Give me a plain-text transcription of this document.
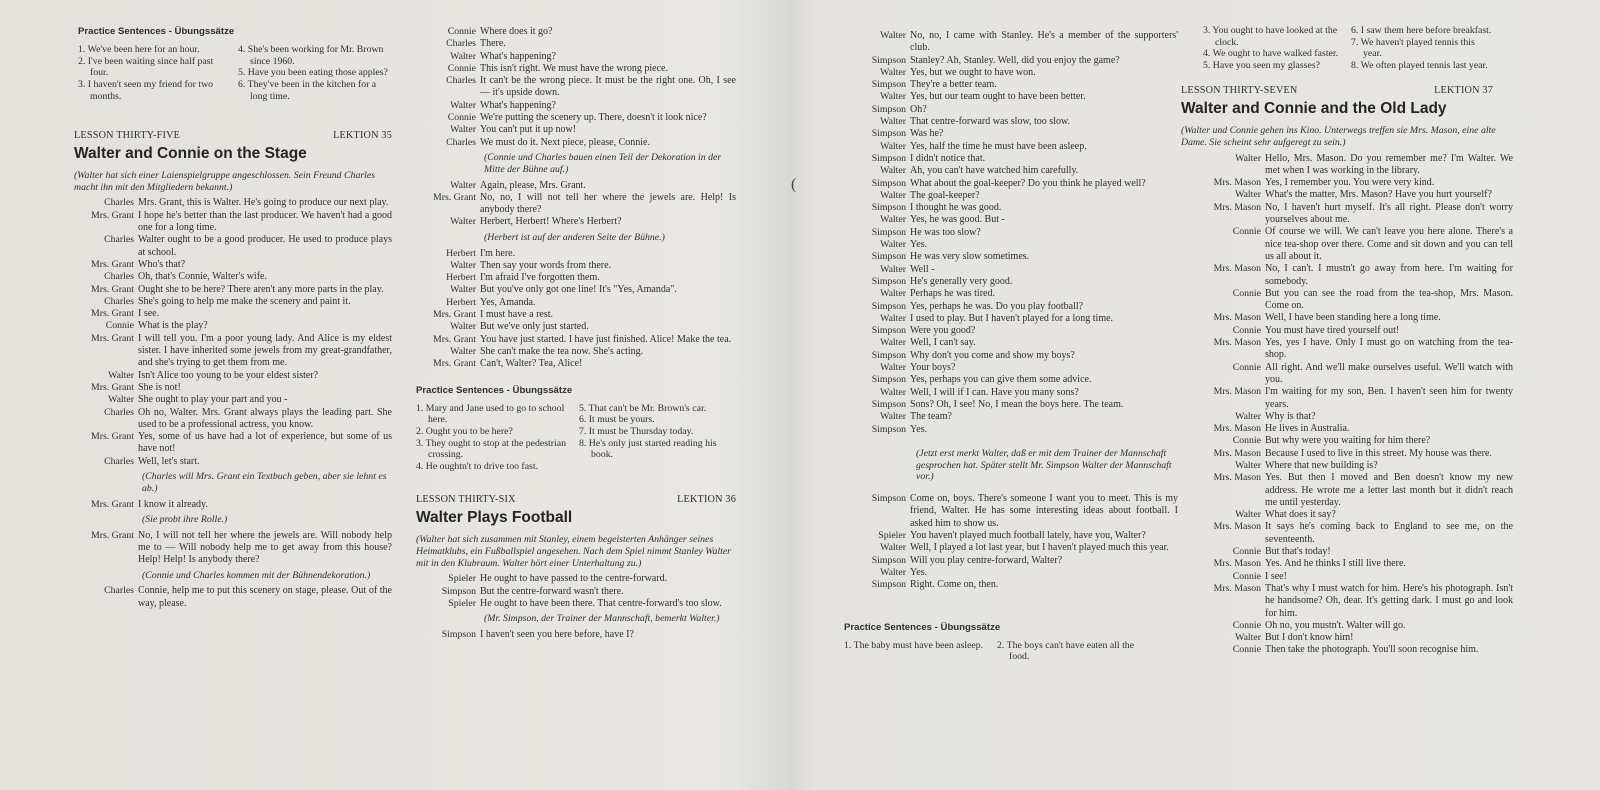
(
Practice Sentences - Übungssätze
1. We've been here for an hour.
2. I've been waiting since half past four.
3. I haven't seen my friend for two months.
4. She's been working for Mr. Brown since 1960.
5. Have you been eating those apples?
6. They've been in the kitchen for a long time.
LESSON THIRTY-FIVE	LEKTION 35
Walter and Connie on the Stage
(Walter hat sich einer Laienspielgruppe angeschlossen. Sein Freund Charles macht ihn mit den Mitgliedern bekannt.)
Charles Mrs. Grant, this is Walter. He's going to produce our next play.
Mrs. Grant I hope he's better than the last producer. We haven't had a good one for a long time.
Charles Walter ought to be a good producer. He used to produce plays at school.
Mrs. Grant Who's that?
Charles Oh, that's Connie, Walter's wife.
Mrs. Grant Ought she to be here? There aren't any more parts in the play.
Charles She's going to help me make the scenery and paint it.
Mrs. Grant I see.
Connie What is the play?
Mrs. Grant I will tell you. I'm a poor young lady. And Alice is my eldest sister. I have inherited some jewels from my great-grandfather, and she's trying to get them from me.
Walter Isn't Alice too young to be your eldest sister?
Mrs. Grant She is not!
Walter She ought to play your part and you -
Charles Oh no, Walter. Mrs. Grant always plays the leading part. She used to be a professional actress, you know.
Mrs. Grant Yes, some of us have had a lot of experience, but some of us have not!
Charles Well, let's start.
(Charles will Mrs. Grant ein Textbuch geben, aber sie lehnt es ab.)
Mrs. Grant I know it already.
(Sie probt ihre Rolle.)
Mrs. Grant No, I will not tell her where the jewels are. Will nobody help me to — Will nobody help me to get away from this house? Help! Help! Is anybody there?
(Connie und Charles kommen mit der Bühnendekoration.)
Charles Connie, help me to put this scenery on stage, please. Out of the way, please.
Connie Where does it go?
Charles There.
Walter What's happening?
Connie This isn't right. We must have the wrong piece.
Charles It can't be the wrong piece. It must be the right one. Oh, I see — it's upside down.
Walter What's happening?
Connie We're putting the scenery up. There, doesn't it look nice?
Walter You can't put it up now!
Charles We must do it. Next piece, please, Connie.
(Connie und Charles bauen einen Teil der Dekoration in der Mitte der Bühne auf.)
Walter Again, please, Mrs. Grant.
Mrs. Grant No, no, I will not tell her where the jewels are. Help! Is anybody there?
Walter Herbert, Herbert! Where's Herbert?
(Herbert ist auf der anderen Seite der Bühne.)
Herbert I'm here.
Walter Then say your words from there.
Herbert I'm afraid I've forgotten them.
Walter But you've only got one line! It's "Yes, Amanda".
Herbert Yes, Amanda.
Mrs. Grant I must have a rest.
Walter But we've only just started.
Mrs. Grant You have just started. I have just finished. Alice! Make the tea.
Walter She can't make the tea now. She's acting.
Mrs. Grant Can't, Walter? Tea, Alice!
Practice Sentences - Übungssätze
1. Mary and Jane used to go to school here.
2. Ought you to be here?
3. They ought to stop at the pedestrian crossing.
4. He oughtn't to drive too fast.
5. That can't be Mr. Brown's car.
6. It must be yours.
7. It must be Thursday today.
8. He's only just started reading his book.
LESSON THIRTY-SIX	LEKTION 36
Walter Plays Football
(Walter hat sich zusammen mit Stanley, einem begeisterten Anhänger seines Heimatklubs, ein Fußballspiel angesehen. Nach dem Spiel nimmt Stanley Walter mit in den Klubraum. Walter hört einer Unterhaltung zu.)
Spieler He ought to have passed to the centre-forward.
Simpson But the centre-forward wasn't there.
Spieler He ought to have been there. That centre-forward's too slow.
(Mr. Simpson, der Trainer der Mannschaft, bemerkt Walter.)
Simpson I haven't seen you here before, have I?
Walter No, no, I came with Stanley. He's a member of the supporters' club.
Simpson Stanley? Ah, Stanley. Well, did you enjoy the game?
Walter Yes, but we ought to have won.
Simpson They're a better team.
Walter Yes, but our team ought to have been better.
Simpson Oh?
Walter That centre-forward was slow, too slow.
Simpson Was he?
Walter Yes, half the time he must have been asleep.
Simpson I didn't notice that.
Walter Ah, you can't have watched him carefully.
Simpson What about the goal-keeper? Do you think he played well?
Walter The goal-keeper?
Simpson I thought he was good.
Walter Yes, he was good. But -
Simpson He was too slow?
Walter Yes.
Simpson He was very slow sometimes.
Walter Well -
Simpson He's generally very good.
Walter Perhaps he was tired.
Simpson Yes, perhaps he was. Do you play football?
Walter I used to play. But I haven't played for a long time.
Simpson Were you good?
Walter Well, I can't say.
Simpson Why don't you come and show my boys?
Walter Your boys?
Simpson Yes, perhaps you can give them some advice.
Walter Well, I will if I can. Have you many sons?
Simpson Sons? Oh, I see! No, I mean the boys here. The team.
Walter The team?
Simpson Yes.
(Jetzt erst merkt Walter, daß er mit dem Trainer der Mannschaft gesprochen hat. Später stellt Mr. Simpson Walter der Mannschaft vor.)
Simpson Come on, boys. There's someone I want you to meet. This is my friend, Walter. He has some interesting ideas about football. I asked him to show us.
Spieler You haven't played much football lately, have you, Walter?
Walter Well, I played a lot last year, but I haven't played much this year.
Simpson Will you play centre-forward, Walter?
Walter Yes.
Simpson Right. Come on, then.
Practice Sentences - Übungssätze
1. The baby must have been asleep.	2. The boys can't have eaten all the food.
3. You ought to have looked at the clock.
4. We ought to have walked faster.
5. Have you seen my glasses?
6. I saw them here before breakfast.
7. We haven't played tennis this year.
8. We often played tennis last year.
LESSON THIRTY-SEVEN	LEKTION 37
Walter and Connie and the Old Lady
(Walter und Connie gehen ins Kino. Unterwegs treffen sie Mrs. Mason, eine alte Dame. Sie scheint sehr aufgeregt zu sein.)
Walter Hello, Mrs. Mason. Do you remember me? I'm Walter. We met when I was working in the library.
Mrs. Mason Yes, I remember you. You were very kind.
Walter What's the matter, Mrs. Mason? Have you hurt yourself?
Mrs. Mason No, I haven't hurt myself. It's all right. Please don't worry yourselves about me.
Connie Of course we will. We can't leave you here alone. There's a nice tea-shop over there. Come and sit down and you can tell us all about it.
Mrs. Mason No, I can't. I mustn't go away from here. I'm waiting for somebody.
Connie But you can see the road from the tea-shop, Mrs. Mason. Come on.
Mrs. Mason Well, I have been standing here a long time.
Connie You must have tired yourself out!
Mrs. Mason Yes, yes I have. Only I must go on watching from the tea-shop.
Connie All right. And we'll make ourselves useful. We'll watch with you.
Mrs. Mason I'm waiting for my son, Ben. I haven't seen him for twenty years.
Walter Why is that?
Mrs. Mason He lives in Australia.
Connie But why were you waiting for him there?
Mrs. Mason Because I used to live in this street. My house was there.
Walter Where that new building is?
Mrs. Mason Yes. But then I moved and Ben doesn't know my new address. He wrote me a letter last month but it didn't reach me until yesterday.
Walter What does it say?
Mrs. Mason It says he's coming back to England to see me, on the seventeenth.
Connie But that's today!
Mrs. Mason Yes. And he thinks I still live there.
Connie I see!
Mrs. Mason That's why I must watch for him. Here's his photograph. Isn't he handsome? Oh, dear. It's getting dark. I must go and look for him.
Connie Oh no, you mustn't. Walter will go.
Walter But I don't know him!
Connie Then take the photograph. You'll soon recognise him.
